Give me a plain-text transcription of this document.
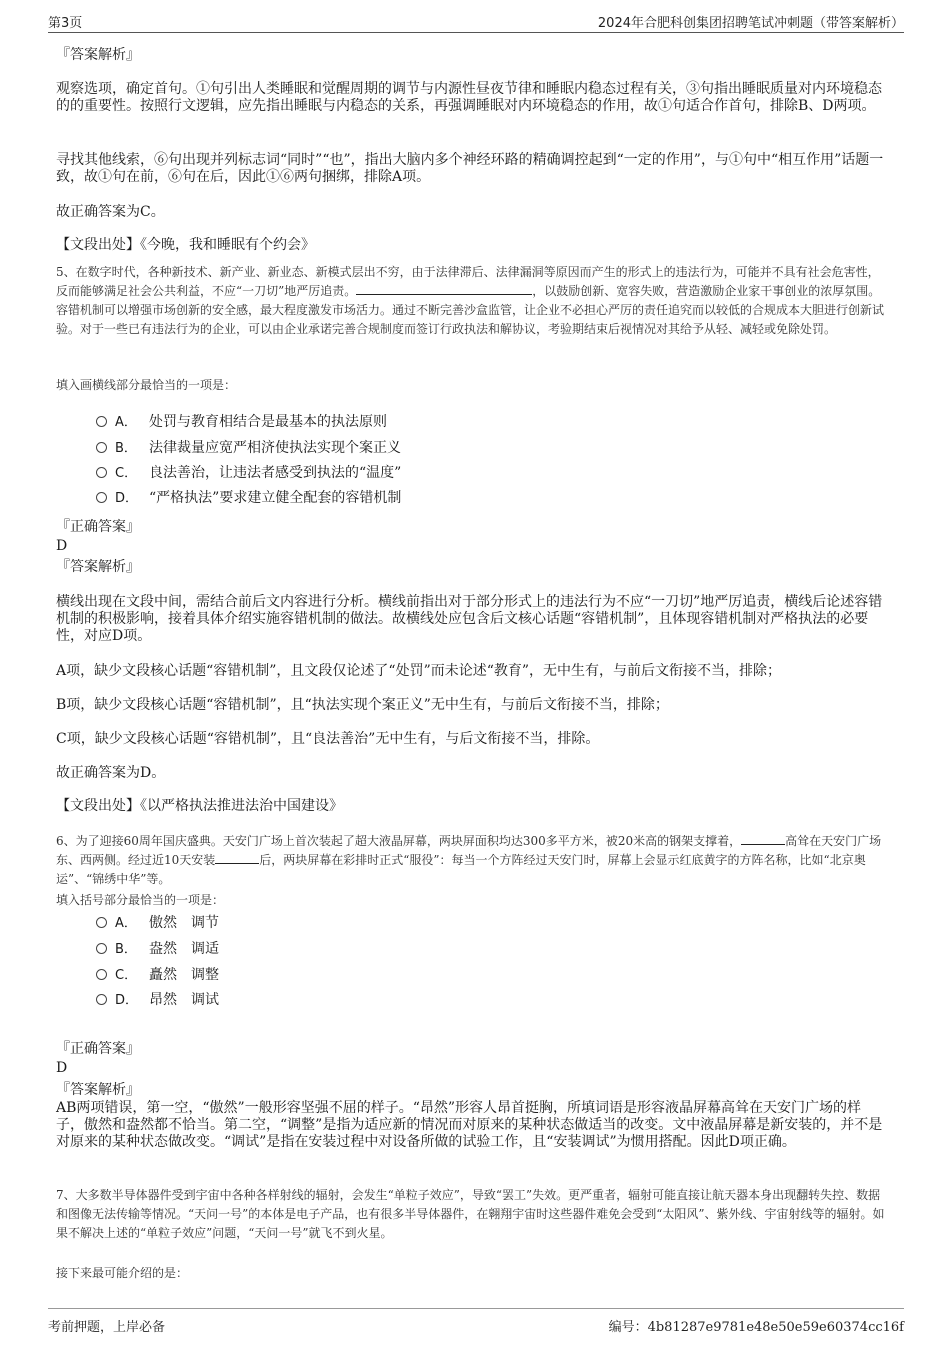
第3页	2024年合肥科创集团招聘笔试冲刺题（带答案解析）
『答案解析』

观察选项，确定首句。①句引出人类睡眠和觉醒周期的调节与内源性昼夜节律和睡眠内稳态过程有关，③句指出睡眠质量对内环境稳态的的重要性。按照行文逻辑，应先指出睡眠与内稳态的关系，再强调睡眠对内环境稳态的作用，故①句适合作首句，排除B、D两项。

寻找其他线索，⑥句出现并列标志词“同时”“也”，指出大脑内多个神经环路的精确调控起到“一定的作用”，与①句中“相互作用”话题一致，故①句在前，⑥句在后，因此①⑥两句捆绑，排除A项。

故正确答案为C。
【文段出处】《今晚，我和睡眠有个约会》

5、在数字时代，各种新技术、新产业、新业态、新模式层出不穷，由于法律滞后、法律漏洞等原因而产生的形式上的违法行为，可能并不具有社会危害性，反而能够满足社会公共利益，不应“一刀切”地严厉追责。	，以鼓励创新、宽容失败，营造激励企业家干事创业的浓厚氛围。容错机制可以增强市场创新的安全感，最大程度激发市场活力。通过不断完善沙盒监管，让企业不必担心严厉的责任追究而以较低的合规成本大胆进行创新试验。对于一些已有违法行为的企业，可以由企业承诺完善合规制度而签订行政执法和解协议，考验期结束后视情况对其给予从轻、减轻或免除处罚。

填入画横线部分最恰当的一项是：
A． 处罚与教育相结合是最基本的执法原则
B． 法律裁量应宽严相济使执法实现个案正义
C． 良法善治，让违法者感受到执法的“温度”
D． “严格执法”要求建立健全配套的容错机制
『正确答案』
D
『答案解析』

横线出现在文段中间，需结合前后文内容进行分析。横线前指出对于部分形式上的违法行为不应“一刀切”地严厉追责，横线后论述容错机制的积极影响，接着具体介绍实施容错机制的做法。故横线处应包含后文核心话题“容错机制”，且体现容错机制对严格执法的必要性，对应D项。

A项，缺少文段核心话题“容错机制”，且文段仅论述了“处罚”而未论述“教育”，无中生有，与前后文衔接不当，排除；
B项，缺少文段核心话题“容错机制”，且“执法实现个案正义”无中生有，与前后文衔接不当，排除；
C项，缺少文段核心话题“容错机制”，且“良法善治”无中生有，与后文衔接不当，排除。
故正确答案为D。
【文段出处】《以严格执法推进法治中国建设》

6、为了迎接60周年国庆盛典。天安门广场上首次装起了超大液晶屏幕，两块屏面积均达300多平方米，被20米高的钢架支撑着，	高耸在天安门广场东、西两侧。经过近10天安装	后，两块屏幕在彩排时正式“服役”：每当一个方阵经过天安门时，屏幕上会显示红底黄字的方阵名称，比如“北京奥运”、“锦绣中华”等。

填入括号部分最恰当的一项是：
A． 傲然　调节
B． 盎然　调适
C． 矗然　调整
D． 昂然　调试
『正确答案』
D
『答案解析』

AB两项错误，第一空，“傲然”一般形容坚强不屈的样子。“昂然”形容人昂首挺胸，所填词语是形容液晶屏幕高耸在天安门广场的样子，傲然和盎然都不恰当。第二空，“调整”是指为适应新的情况而对原来的某种状态做适当的改变。文中液晶屏幕是新安装的，并不是对原来的某种状态做改变。“调试”是指在安装过程中对设备所做的试验工作，且“安装调试”为惯用搭配。因此D项正确。

7、大多数半导体器件受到宇宙中各种各样射线的辐射，会发生“单粒子效应”，导致“罢工”失效。更严重者，辐射可能直接让航天器本身出现翻转失控、数据和图像无法传输等情况。“天问一号”的本体是电子产品，也有很多半导体器件，在翱翔宇宙时这些器件难免会受到“太阳风”、紫外线、宇宙射线等的辐射。如果不解决上述的“单粒子效应”问题，“天问一号”就飞不到火星。

接下来最可能介绍的是：
考前押题，上岸必备	编号：4b81287e9781e48e50e59e60374cc16f
